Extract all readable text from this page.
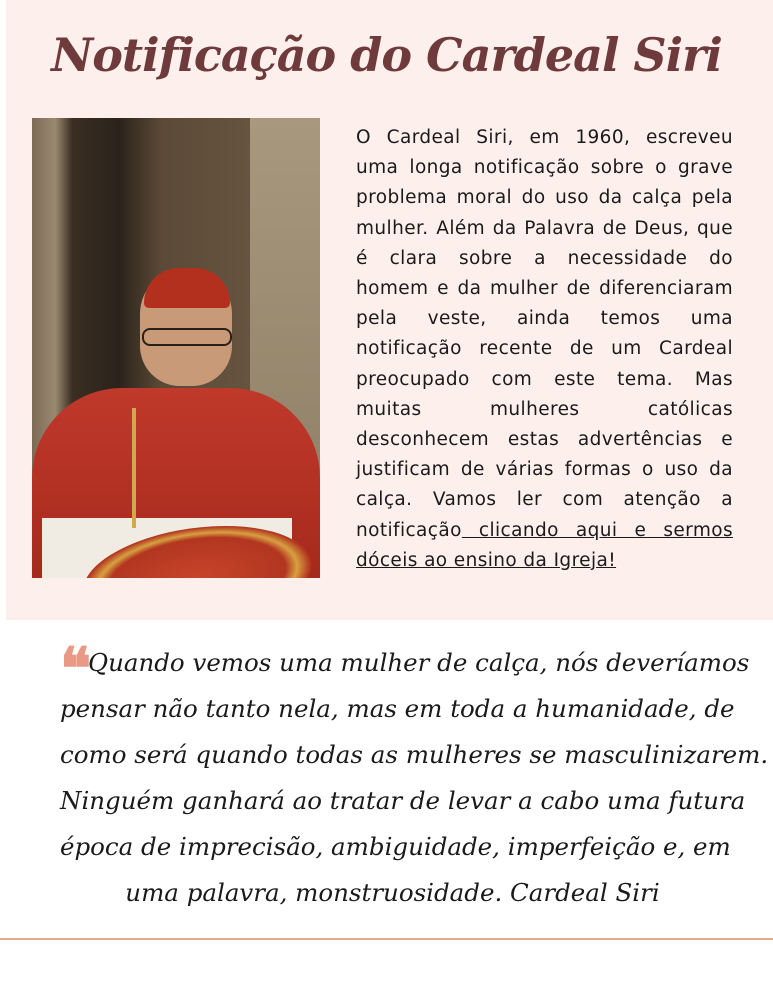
Notificação do Cardeal Siri

O Cardeal Siri, em 1960, escreveu uma longa notificação sobre o grave problema moral do uso da calça pela mulher. Além da Palavra de Deus, que é clara sobre a necessidade do homem e da mulher de diferenciaram pela veste, ainda temos uma notificação recente de um Cardeal preocupado com este tema. Mas muitas mulheres católicas desconhecem estas advertências e justificam de várias formas o uso da calça. Vamos ler com atenção a notificação clicando aqui e sermos dóceis ao ensino da Igreja!

❝

Quando vemos uma mulher de calça, nós deveríamos
pensar não tanto nela, mas em toda a humanidade, de
como será quando todas as mulheres se masculinizarem.
Ninguém ganhará ao tratar de levar a cabo uma futura
época de imprecisão, ambiguidade, imperfeição e, em
uma palavra, monstruosidade. Cardeal Siri
